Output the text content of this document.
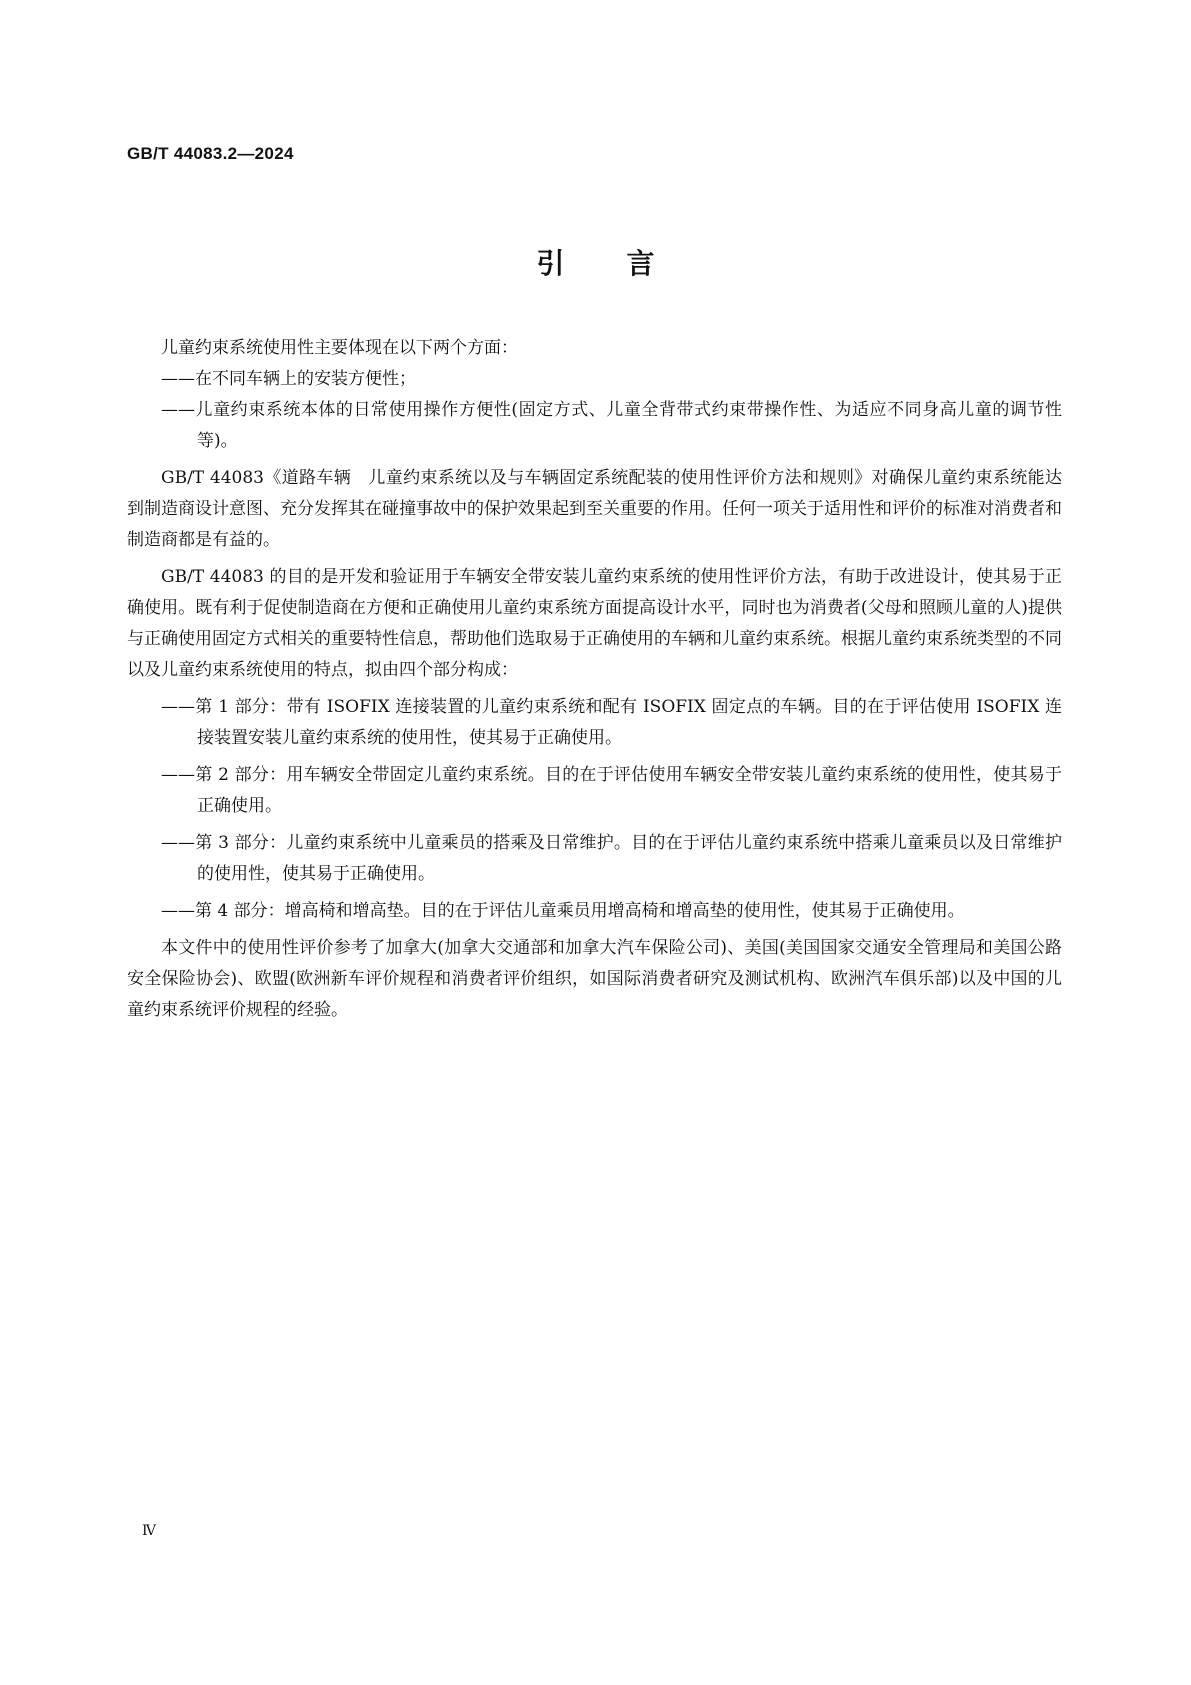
GB/T 44083.2—2024
引言

儿童约束系统使用性主要体现在以下两个方面：

——在不同车辆上的安装方便性；

——儿童约束系统本体的日常使用操作方便性(固定方式、儿童全背带式约束带操作性、为适应不同身高儿童的调节性等)。

GB/T 44083《道路车辆　儿童约束系统以及与车辆固定系统配装的使用性评价方法和规则》对确保儿童约束系统能达到制造商设计意图、充分发挥其在碰撞事故中的保护效果起到至关重要的作用。任何一项关于适用性和评价的标准对消费者和制造商都是有益的。

GB/T 44083 的目的是开发和验证用于车辆安全带安装儿童约束系统的使用性评价方法，有助于改进设计，使其易于正确使用。既有利于促使制造商在方便和正确使用儿童约束系统方面提高设计水平，同时也为消费者(父母和照顾儿童的人)提供与正确使用固定方式相关的重要特性信息，帮助他们选取易于正确使用的车辆和儿童约束系统。根据儿童约束系统类型的不同以及儿童约束系统使用的特点，拟由四个部分构成：

——第 1 部分：带有 ISOFIX 连接装置的儿童约束系统和配有 ISOFIX 固定点的车辆。目的在于评估使用 ISOFIX 连接装置安装儿童约束系统的使用性，使其易于正确使用。

——第 2 部分：用车辆安全带固定儿童约束系统。目的在于评估使用车辆安全带安装儿童约束系统的使用性，使其易于正确使用。

——第 3 部分：儿童约束系统中儿童乘员的搭乘及日常维护。目的在于评估儿童约束系统中搭乘儿童乘员以及日常维护的使用性，使其易于正确使用。

——第 4 部分：增高椅和增高垫。目的在于评估儿童乘员用增高椅和增高垫的使用性，使其易于正确使用。

本文件中的使用性评价参考了加拿大(加拿大交通部和加拿大汽车保险公司)、美国(美国国家交通安全管理局和美国公路安全保险协会)、欧盟(欧洲新车评价规程和消费者评价组织，如国际消费者研究及测试机构、欧洲汽车俱乐部)以及中国的儿童约束系统评价规程的经验。

Ⅳ
